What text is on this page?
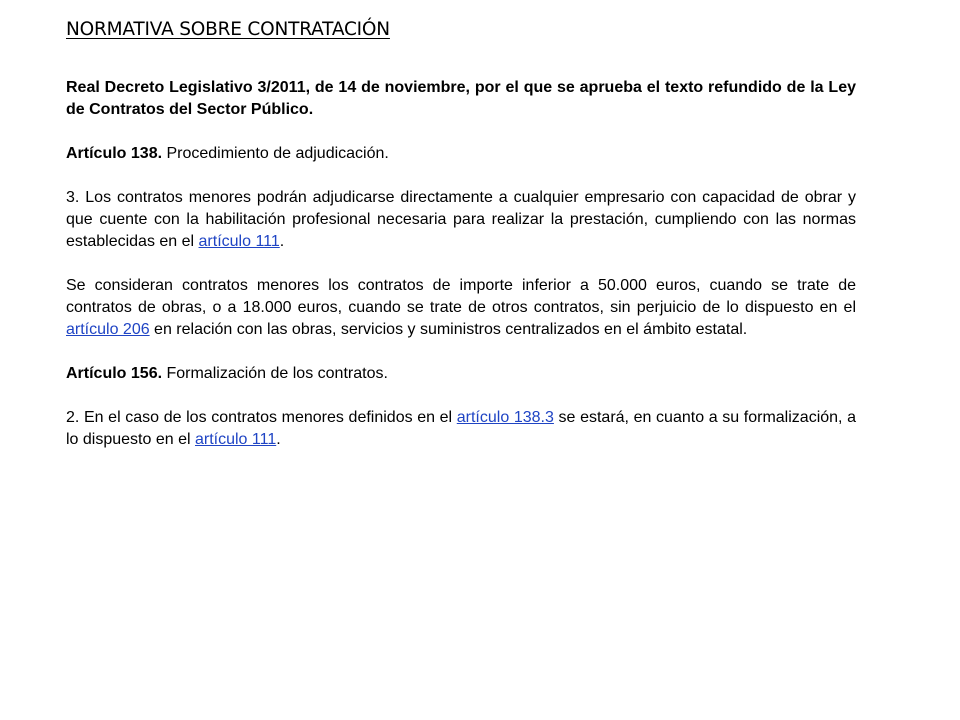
NORMATIVA SOBRE CONTRATACIÓN

Real Decreto Legislativo 3/2011, de 14 de noviembre, por el que se aprueba el texto refundido de la Ley de Contratos del Sector Público.

Artículo 138. Procedimiento de adjudicación.

3. Los contratos menores podrán adjudicarse directamente a cualquier empresario con capacidad de obrar y que cuente con la habilitación profesional necesaria para realizar la prestación, cumpliendo con las normas establecidas en el artículo 111.

Se consideran contratos menores los contratos de importe inferior a 50.000 euros, cuando se trate de contratos de obras, o a 18.000 euros, cuando se trate de otros contratos, sin perjuicio de lo dispuesto en el artículo 206 en relación con las obras, servicios y suministros centralizados en el ámbito estatal.

Artículo 156. Formalización de los contratos.

2. En el caso de los contratos menores definidos en el artículo 138.3 se estará, en cuanto a su formalización, a lo dispuesto en el artículo 111.
